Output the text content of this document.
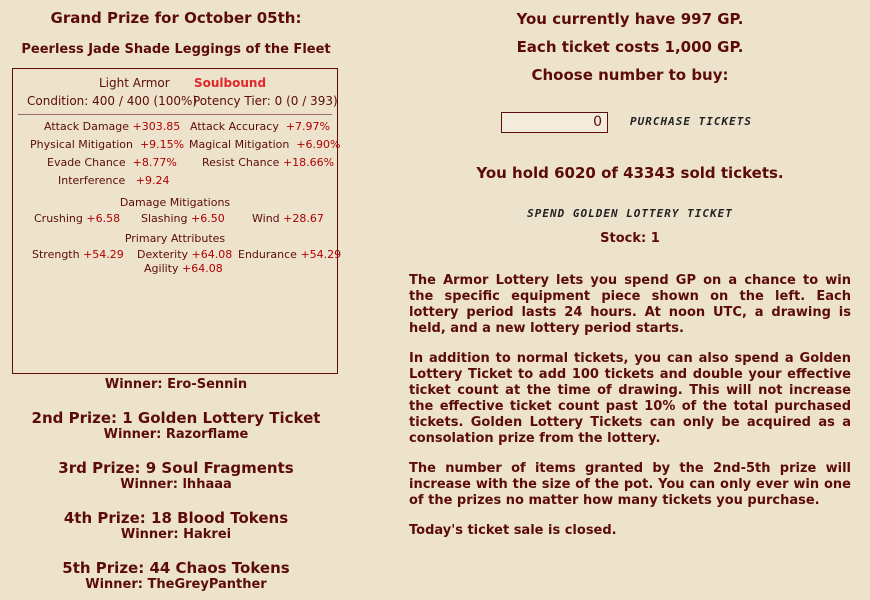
Grand Prize for October 05th:
Peerless Jade Shade Leggings of the Fleet
Light Armor Soulbound
Condition: 400 / 400 (100%)
Potency Tier: 0 (0 / 393)
Attack Damage +303.85 Attack Accuracy +7.97%
Physical Mitigation +9.15% Magical Mitigation +6.90%
Evade Chance +8.77% Resist Chance +18.66%
Interference +9.24
Damage Mitigations
Crushing +6.58 Slashing +6.50 Wind +28.67
Primary Attributes
Strength +54.29 Dexterity +64.08 Endurance +54.29
Agility +64.08
Winner: Ero-Sennin
2nd Prize: 1 Golden Lottery Ticket
Winner: Razorflame
3rd Prize: 9 Soul Fragments
Winner: lhhaaa
4th Prize: 18 Blood Tokens
Winner: Hakrei
5th Prize: 44 Chaos Tokens
Winner: TheGreyPanther
You currently have 997 GP.
Each ticket costs 1,000 GP.
Choose number to buy:
0	PURCHASE TICKETS
You hold 6020 of 43343 sold tickets.
SPEND GOLDEN LOTTERY TICKET
Stock: 1
The Armor Lottery lets you spend GP on a chance to win the specific equipment piece shown on the left. Each lottery period lasts 24 hours. At noon UTC, a drawing is held, and a new lottery period starts.
In addition to normal tickets, you can also spend a Golden Lottery Ticket to add 100 tickets and double your effective ticket count at the time of drawing. This will not increase the effective ticket count past 10% of the total purchased tickets. Golden Lottery Tickets can only be acquired as a consolation prize from the lottery.
The number of items granted by the 2nd-5th prize will increase with the size of the pot. You can only ever win one of the prizes no matter how many tickets you purchase.
Today's ticket sale is closed.
